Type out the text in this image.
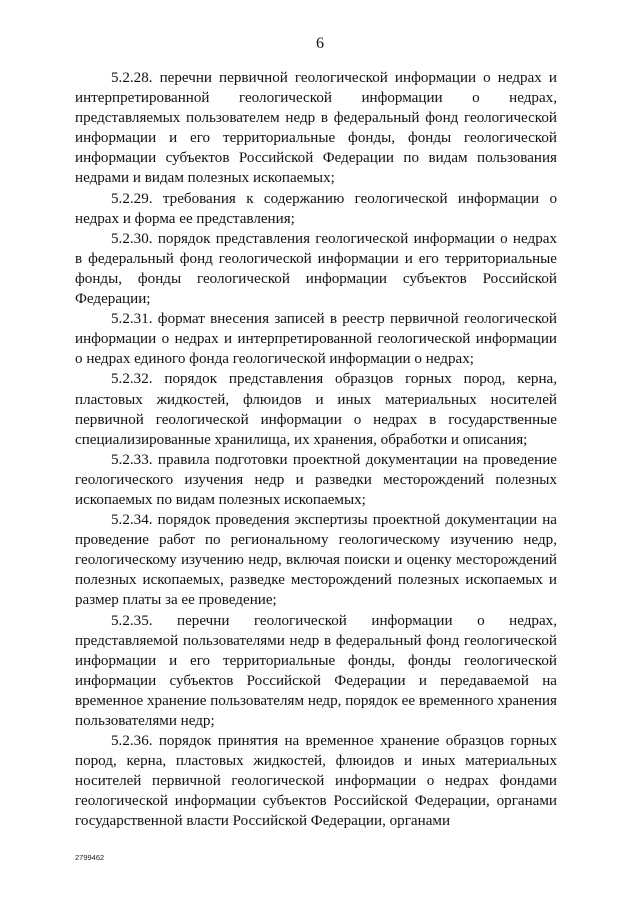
6

5.2.28. перечни первичной геологической информации о недрах и интерпретированной геологической информации о недрах, представляемых пользователем недр в федеральный фонд геологической информации и его территориальные фонды, фонды геологической информации субъектов Российской Федерации по видам пользования недрами и видам полезных ископаемых;

5.2.29. требования к содержанию геологической информации о недрах и форма ее представления;

5.2.30. порядок представления геологической информации о недрах в федеральный фонд геологической информации и его территориальные фонды, фонды геологической информации субъектов Российской Федерации;

5.2.31. формат внесения записей в реестр первичной геологической информации о недрах и интерпретированной геологической информации о недрах единого фонда геологической информации о недрах;

5.2.32. порядок представления образцов горных пород, керна, пластовых жидкостей, флюидов и иных материальных носителей первичной геологической информации о недрах в государственные специализированные хранилища, их хранения, обработки и описания;

5.2.33. правила подготовки проектной документации на проведение геологического изучения недр и разведки месторождений полезных ископаемых по видам полезных ископаемых;

5.2.34. порядок проведения экспертизы проектной документации на проведение работ по региональному геологическому изучению недр, геологическому изучению недр, включая поиски и оценку месторождений полезных ископаемых, разведке месторождений полезных ископаемых и размер платы за ее проведение;

5.2.35. перечни геологической информации о недрах, представляемой пользователями недр в федеральный фонд геологической информации и его территориальные фонды, фонды геологической информации субъектов Российской Федерации и передаваемой на временное хранение пользователям недр, порядок ее временного хранения пользователями недр;

5.2.36. порядок принятия на временное хранение образцов горных пород, керна, пластовых жидкостей, флюидов и иных материальных носителей первичной геологической информации о недрах фондами геологической информации субъектов Российской Федерации, органами государственной власти Российской Федерации, органами

2799462
